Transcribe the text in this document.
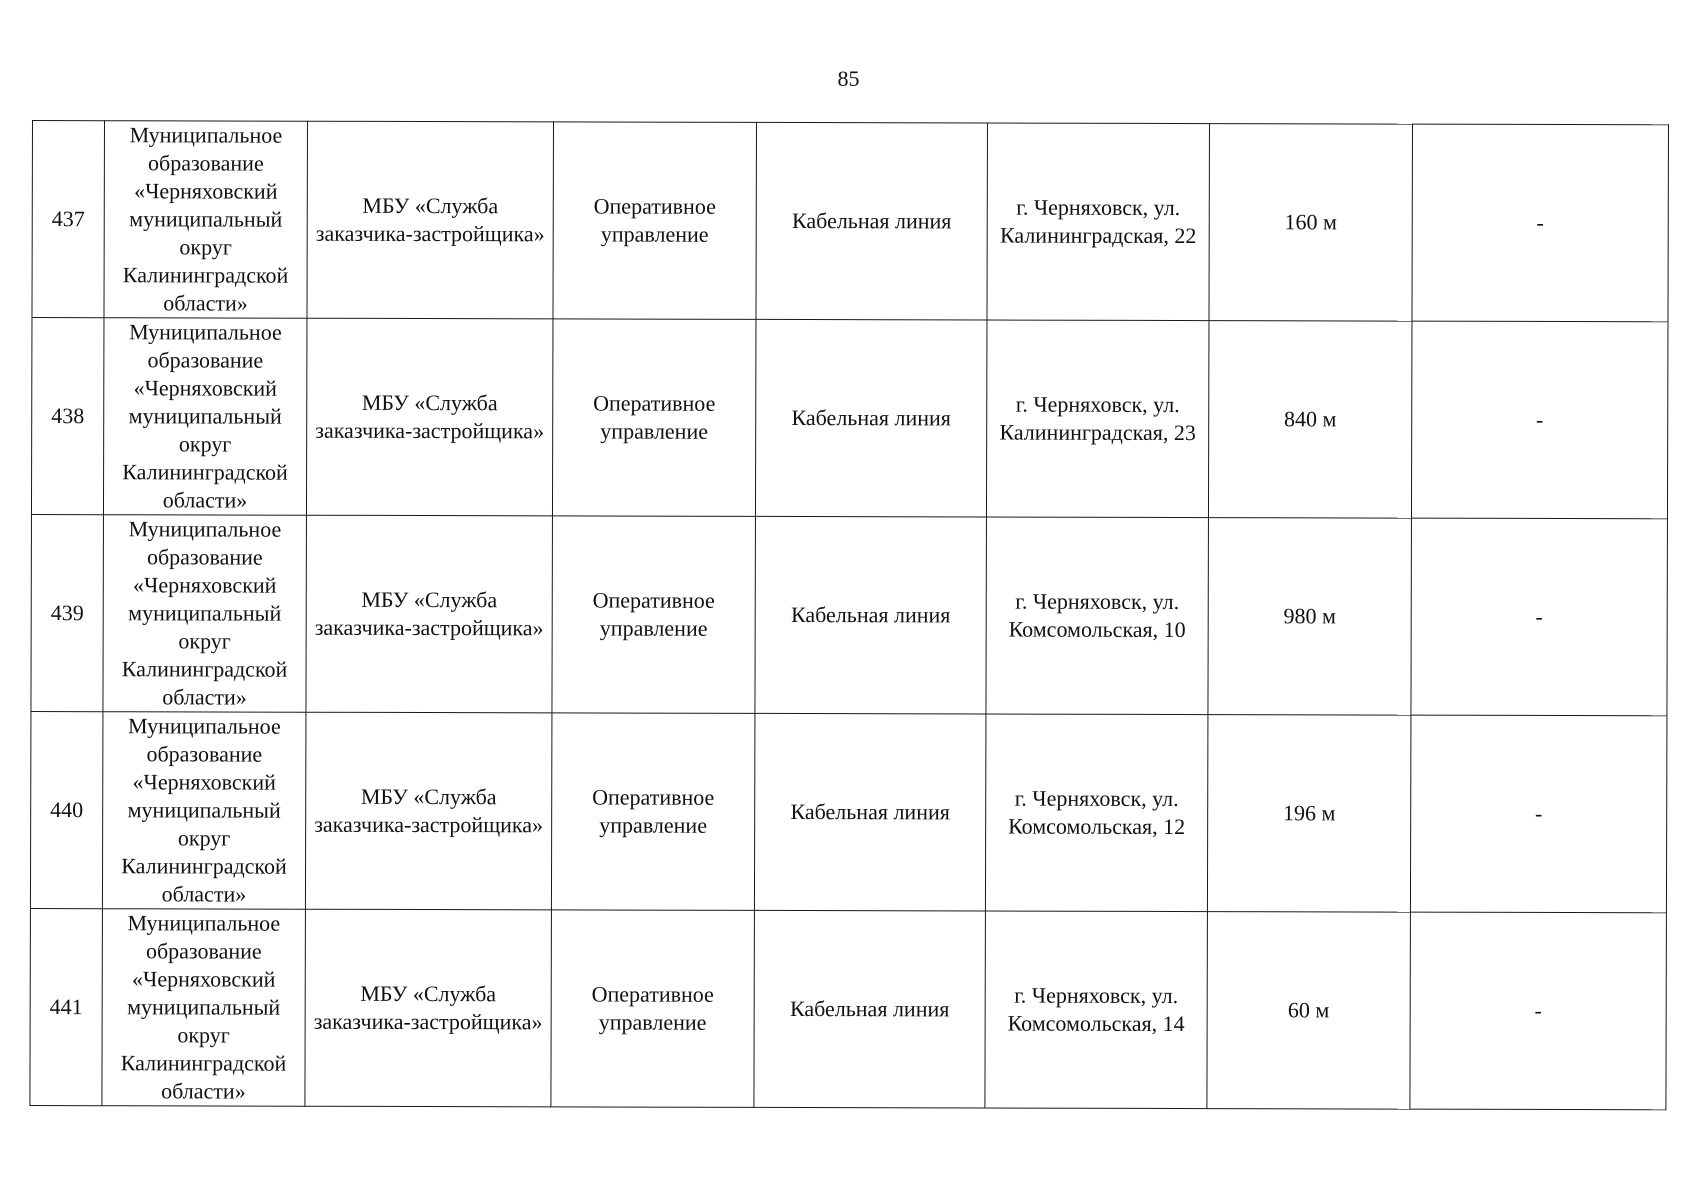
85
437	Муниципальное образование «Черняховский муниципальный округ Калининградской области»	МБУ «Служба заказчика-застройщика»	Оперативное управление	Кабельная линия	г. Черняховск, ул. Калининградская, 22	160 м	-
438	Муниципальное образование «Черняховский муниципальный округ Калининградской области»	МБУ «Служба заказчика-застройщика»	Оперативное управление	Кабельная линия	г. Черняховск, ул. Калининградская, 23	840 м	-
439	Муниципальное образование «Черняховский муниципальный округ Калининградской области»	МБУ «Служба заказчика-застройщика»	Оперативное управление	Кабельная линия	г. Черняховск, ул. Комсомольская, 10	980 м	-
440	Муниципальное образование «Черняховский муниципальный округ Калининградской области»	МБУ «Служба заказчика-застройщика»	Оперативное управление	Кабельная линия	г. Черняховск, ул. Комсомольская, 12	196 м	-
441	Муниципальное образование «Черняховский муниципальный округ Калининградской области»	МБУ «Служба заказчика-застройщика»	Оперативное управление	Кабельная линия	г. Черняховск, ул. Комсомольская, 14	60 м	-
